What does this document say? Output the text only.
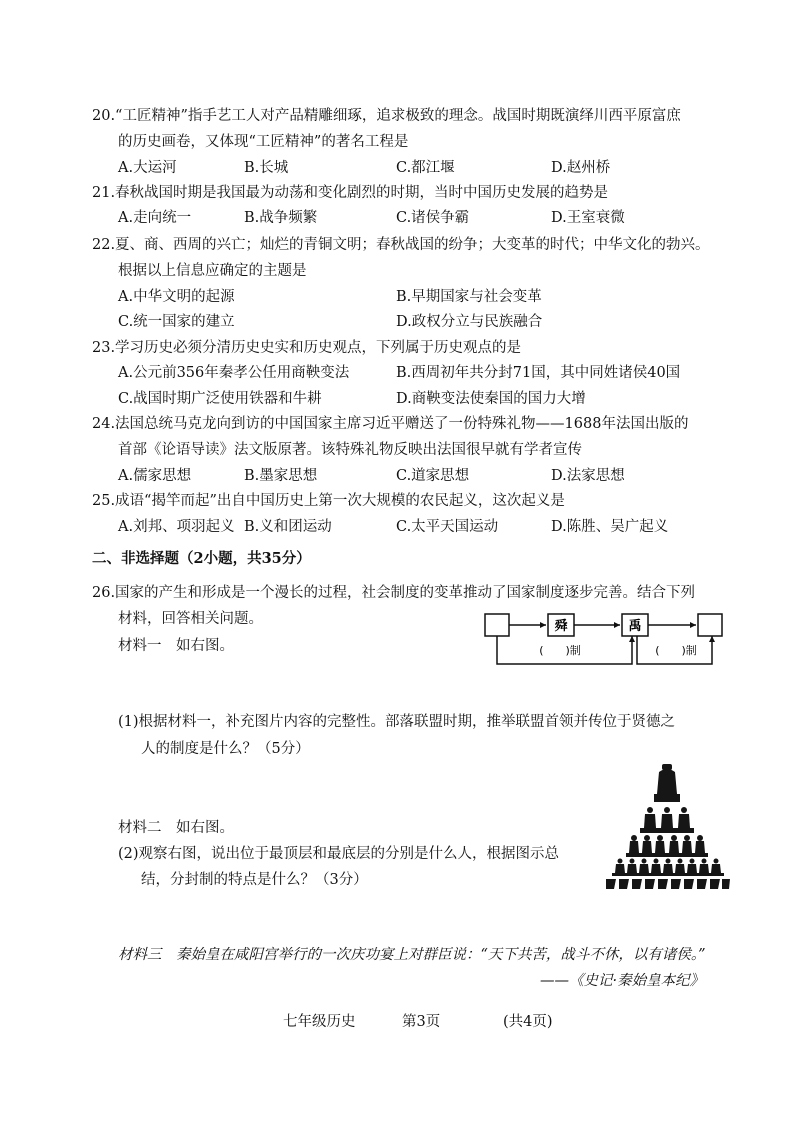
20.“工匠精神”指手艺工人对产品精雕细琢，追求极致的理念。战国时期既演绎川西平原富庶
的历史画卷，又体现“工匠精神”的著名工程是
A.大运河	B.长城	C.都江堰	D.赵州桥
21.春秋战国时期是我国最为动荡和变化剧烈的时期，当时中国历史发展的趋势是
A.走向统一	B.战争频繁	C.诸侯争霸	D.王室衰微
22.夏、商、西周的兴亡；灿烂的青铜文明；春秋战国的纷争；大变革的时代；中华文化的勃兴。
根据以上信息应确定的主题是
A.中华文明的起源	B.早期国家与社会变革
C.统一国家的建立	D.政权分立与民族融合
23.学习历史必须分清历史史实和历史观点，下列属于历史观点的是
A.公元前356年秦孝公任用商鞅变法	B.西周初年共分封71国，其中同姓诸侯40国
C.战国时期广泛使用铁器和牛耕	D.商鞅变法使秦国的国力大增
24.法国总统马克龙向到访的中国国家主席习近平赠送了一份特殊礼物——1688年法国出版的
首部《论语导读》法文版原著。该特殊礼物反映出法国很早就有学者宣传
A.儒家思想	B.墨家思想	C.道家思想	D.法家思想
25.成语“揭竿而起”出自中国历史上第一次大规模的农民起义，这次起义是
A.刘邦、项羽起义 B.义和团运动	C.太平天国运动	D.陈胜、吴广起义
二、非选择题（2小题，共35分）
26.国家的产生和形成是一个漫长的过程，社会制度的变革推动了国家制度逐步完善。结合下列
材料，回答相关问题。
材料一　如右图。
舜	禹
(　　)制	(　　)制
(1)根据材料一，补充图片内容的完整性。部落联盟时期，推举联盟首领并传位于贤德之
人的制度是什么？（5分）
材料二　如右图。
(2)观察右图，说出位于最顶层和最底层的分别是什么人，根据图示总
结，分封制的特点是什么？（3分）
材料三　秦始皇在咸阳宫举行的一次庆功宴上对群臣说：“天下共苦，战斗不休，以有诸侯。”
——《史记·秦始皇本纪》
七年级历史	第3页	(共4页)
